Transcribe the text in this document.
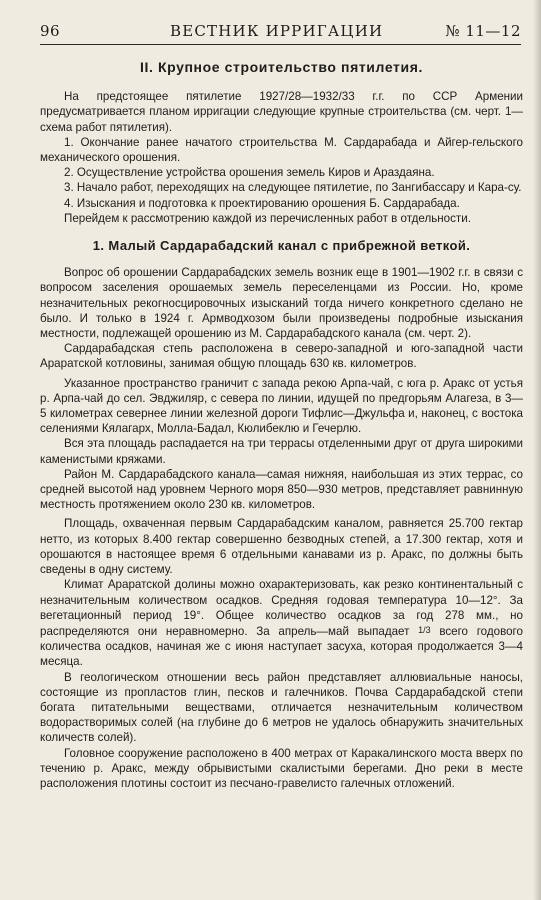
96	ВЕСТНИК ИРРИГАЦИИ	№ 11—12
II. Крупное строительство пятилетия.

На предстоящее пятилетие 1927/28—1932/33 г.г. по ССР Армении предусматривается планом ирригации следующие крупные строительства (см. черт. 1—схема работ пятилетия).

1. Окончание ранее начатого строительства М. Сардарабада и Айгер-гельского механического орошения.

2. Осуществление устройства орошения земель Киров и Араздаяна.

3. Начало работ, переходящих на следующее пятилетие, по Зангибассару и Кара-су.

4. Изыскания и подготовка к проектированию орошения Б. Сардарабада.

Перейдем к рассмотрению каждой из перечисленных работ в отдельности.

1. Малый Сардарабадский канал с прибрежной веткой.

Вопрос об орошении Сардарабадских земель возник еще в 1901—1902 г.г. в связи с вопросом заселения орошаемых земель переселенцами из России. Но, кроме незначительных рекогносцировочных изысканий тогда ничего конкретного сделано не было. И только в 1924 г. Армводхозом были произведены подробные изыскания местности, подлежащей орошению из М. Сардарабадского канала (см. черт. 2).

Сардарабадская степь расположена в северо-западной и юго-западной части Араратской котловины, занимая общую площадь 630 кв. километров.

Указанное пространство граничит с запада рекою Арпа-чай, с юга р. Аракс от устья р. Арпа-чай до сел. Эвджиляр, с севера по линии, идущей по предгорьям Алагеза, в 3—5 километрах севернее линии железной дороги Тифлис—Джульфа и, наконец, с востока селениями Кялагарх, Молла-Бадал, Кюлибеклю и Гечерлю.

Вся эта площадь распадается на три террасы отделенными друг от друга широкими каменистыми кряжами.

Район М. Сардарабадского канала—самая нижняя, наибольшая из этих террас, со средней высотой над уровнем Черного моря 850—930 метров, представляет равнинную местность протяжением около 230 кв. километров.

Площадь, охваченная первым Сардарабадским каналом, равняется 25.700 гектар нетто, из которых 8.400 гектар совершенно безводных степей, а 17.300 гектар, хотя и орошаются в настоящее время 6 отдельными канавами из р. Аракс, по должны быть сведены в одну систему.

Климат Араратской долины можно охарактеризовать, как резко континентальный с незначительным количеством осадков. Средняя годовая температура 10—12°. За вегетационный период 19°. Общее количество осадков за год 278 мм., но распределяются они неравномерно. За апрель—май выпадает 1/3 всего годового количества осадков, начиная же с июня наступает засуха, которая продолжается 3—4 месяца.

В геологическом отношении весь район представляет аллювиальные наносы, состоящие из пропластов глин, песков и галечников. Почва Сардарабадской степи богата питательными веществами, отличается незначительным количеством водорастворимых солей (на глубине до 6 метров не удалось обнаружить значительных количеств солей).

Головное сооружение расположено в 400 метрах от Каракалинского моста вверх по течению р. Аракс, между обрывистыми скалистыми берегами. Дно реки в месте расположения плотины состоит из песчано-гравелисто галечных отложений.
